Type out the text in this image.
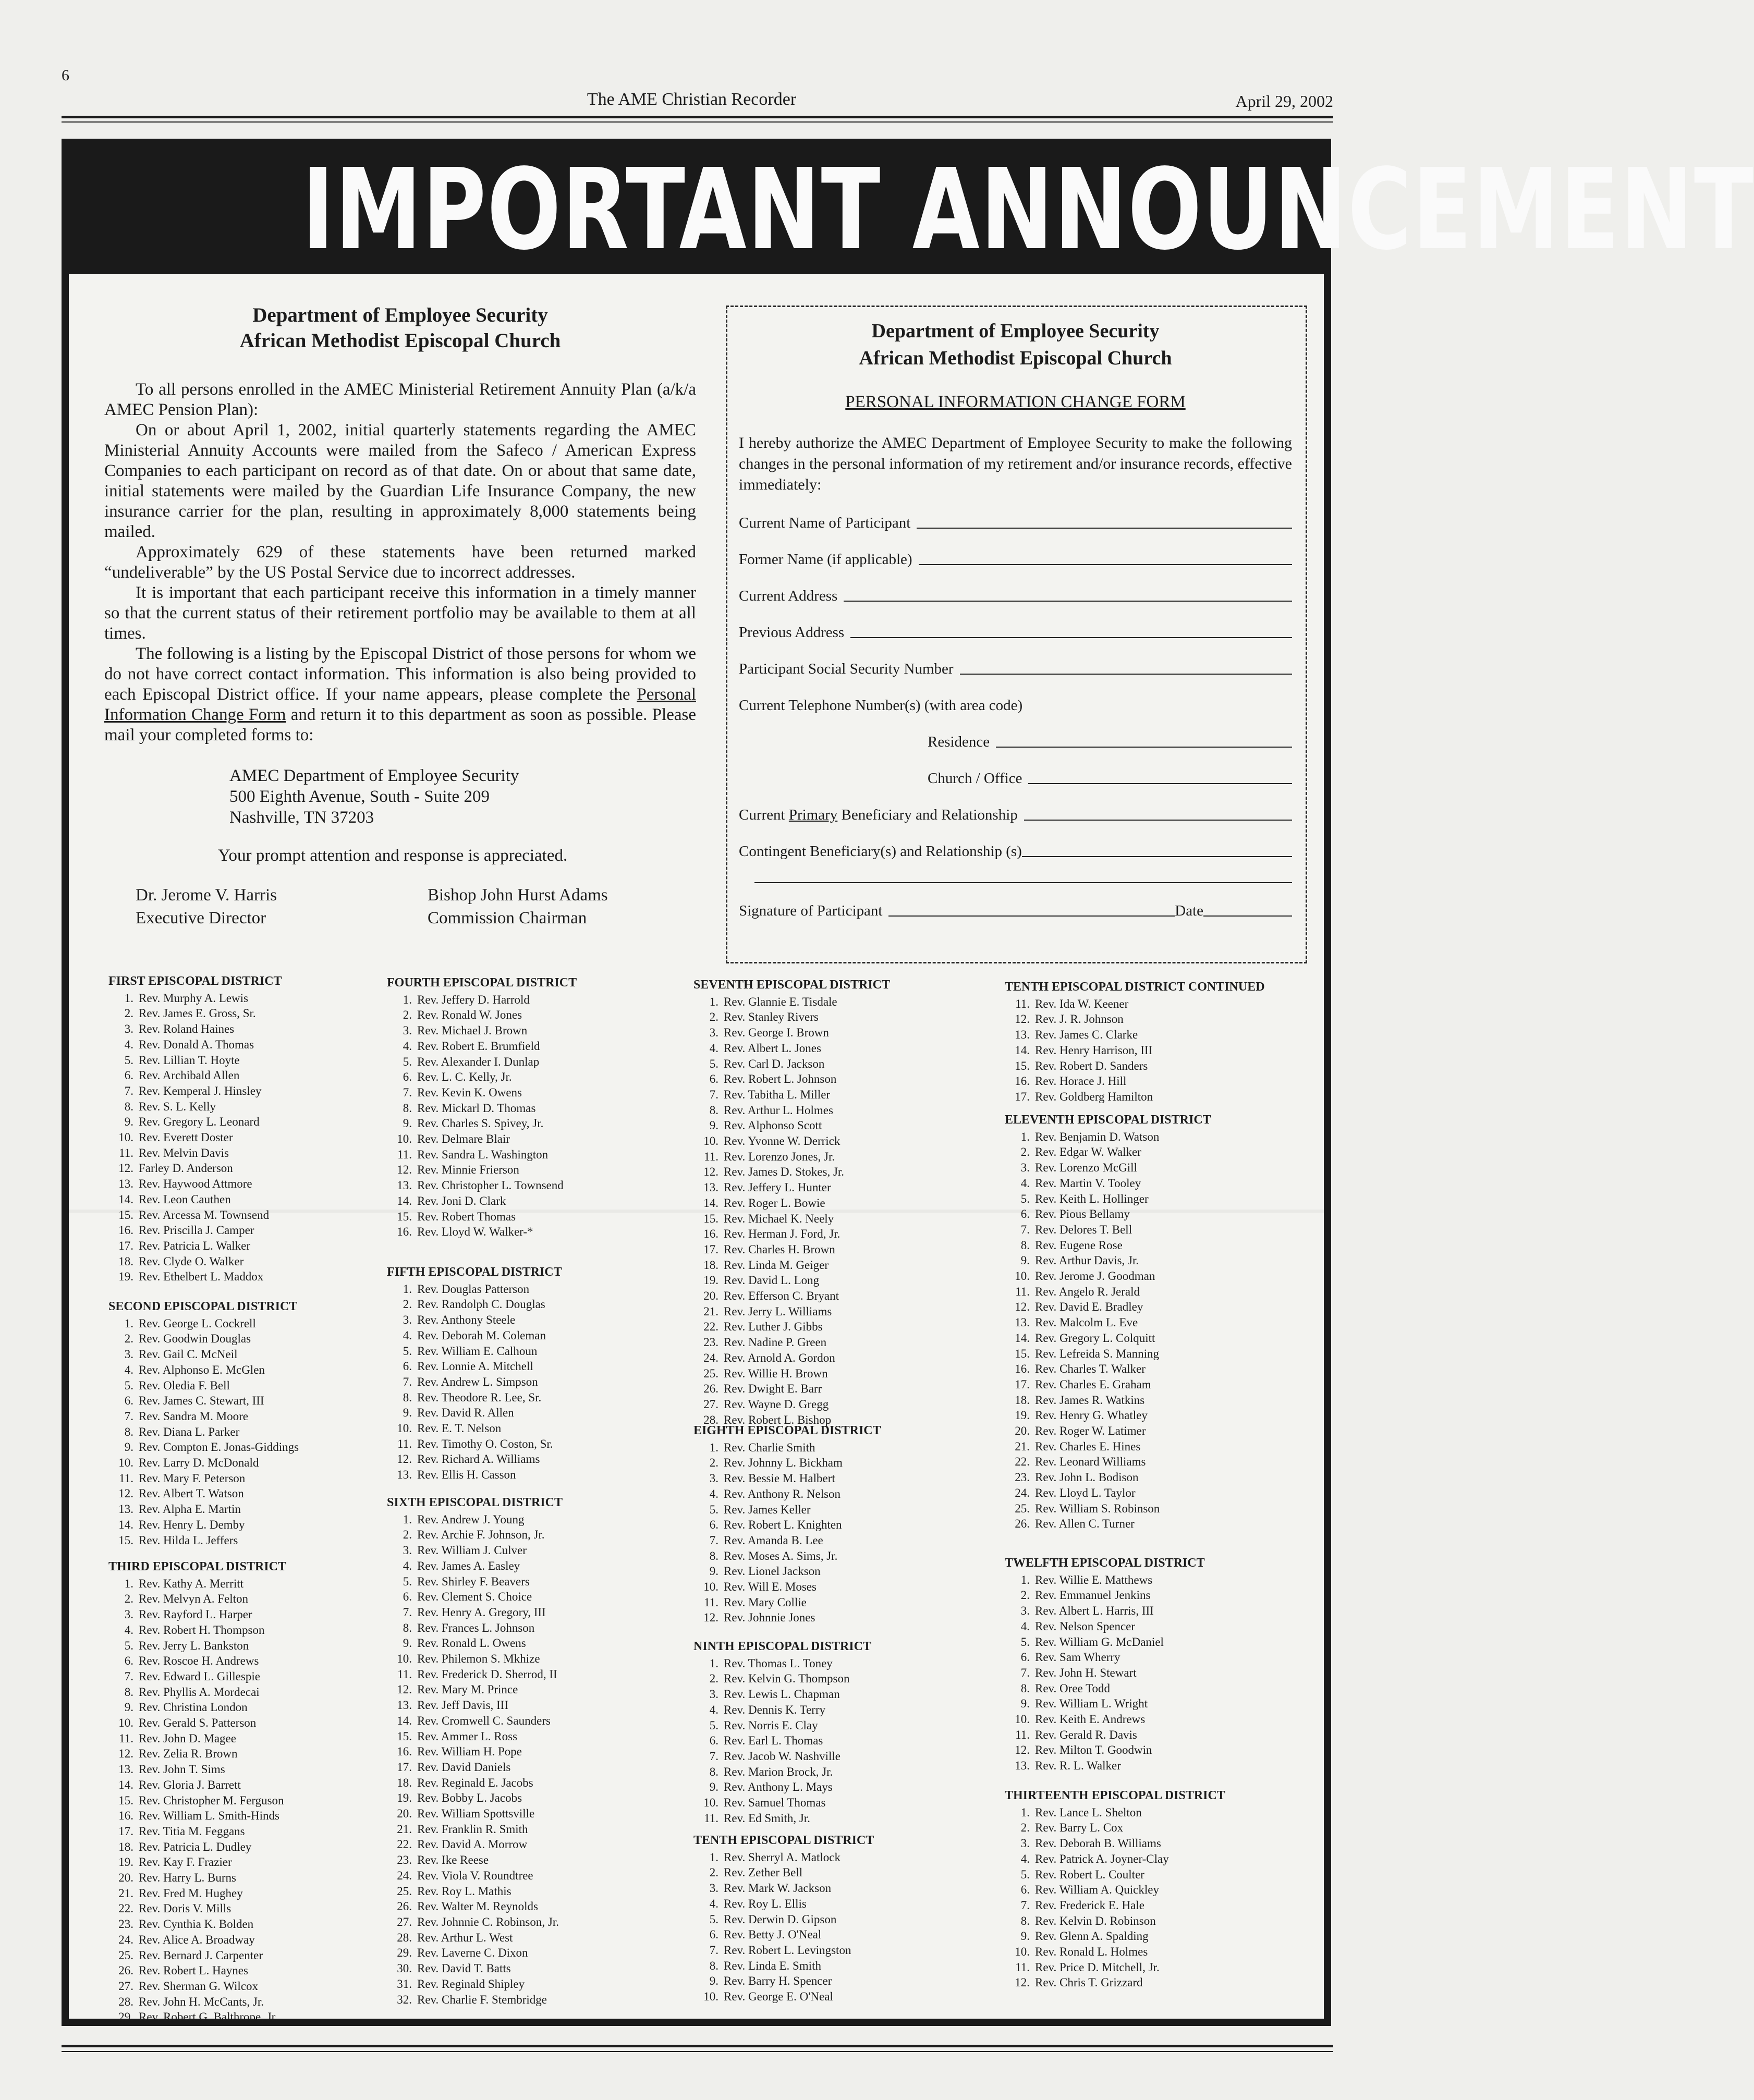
6
The AME Christian Recorder	April 29, 2002
IMPORTANT ANNOUNCEMENT
Department of Employee Security
African Methodist Episcopal Church

To all persons enrolled in the AMEC Ministerial Retirement Annuity Plan (a/k/a AMEC Pension Plan):

On or about April 1, 2002, initial quarterly statements regarding the AMEC Ministerial Annuity Accounts were mailed from the Safeco / American Express Companies to each participant on record as of that date. On or about that same date, initial statements were mailed by the Guardian Life Insurance Company, the new insurance carrier for the plan, resulting in approximately 8,000 statements being mailed.

Approximately 629 of these statements have been returned marked “undeliverable” by the US Postal Service due to incorrect addresses.

It is important that each participant receive this information in a timely manner so that the current status of their retirement portfolio may be available to them at all times.

The following is a listing by the Episcopal District of those persons for whom we do not have correct contact information. This information is also being provided to each Episcopal District office. If your name appears, please complete the Personal Information Change Form and return it to this department as soon as possible. Please mail your completed forms to:

AMEC Department of Employee Security
500 Eighth Avenue, South - Suite 209
Nashville, TN 37203
Your prompt attention and response is appreciated.
Dr. Jerome V. Harris
Executive Director
Bishop John Hurst Adams
Commission Chairman
Department of Employee Security
African Methodist Episcopal Church
PERSONAL INFORMATION CHANGE FORM
I hereby authorize the AMEC Department of Employee Security to make the following changes in the personal information of my retirement and/or insurance records, effective immediately:
Current Name of Participant
Former Name (if applicable)
Current Address
Previous Address
Participant Social Security Number
Current Telephone Number(s) (with area code)
Residence
Church / Office
Current Primary Beneficiary and Relationship
Contingent Beneficiary(s) and Relationship (s)
Signature of Participant	Date
FIRST EPISCOPAL DISTRICT
1. Rev. Murphy A. Lewis
2. Rev. James E. Gross, Sr.
3. Rev. Roland Haines
4. Rev. Donald A. Thomas
5. Rev. Lillian T. Hoyte
6. Rev. Archibald Allen
7. Rev. Kemperal J. Hinsley
8. Rev. S. L. Kelly
9. Rev. Gregory L. Leonard
10. Rev. Everett Doster
11. Rev. Melvin Davis
12. Farley D. Anderson
13. Rev. Haywood Attmore
14. Rev. Leon Cauthen
15. Rev. Arcessa M. Townsend
16. Rev. Priscilla J. Camper
17. Rev. Patricia L. Walker
18. Rev. Clyde O. Walker
19. Rev. Ethelbert L. Maddox
SECOND EPISCOPAL DISTRICT
1. Rev. George L. Cockrell
2. Rev. Goodwin Douglas
3. Rev. Gail C. McNeil
4. Rev. Alphonso E. McGlen
5. Rev. Oledia F. Bell
6. Rev. James C. Stewart, III
7. Rev. Sandra M. Moore
8. Rev. Diana L. Parker
9. Rev. Compton E. Jonas-Giddings
10. Rev. Larry D. McDonald
11. Rev. Mary F. Peterson
12. Rev. Albert T. Watson
13. Rev. Alpha E. Martin
14. Rev. Henry L. Demby
15. Rev. Hilda L. Jeffers
THIRD EPISCOPAL DISTRICT
1. Rev. Kathy A. Merritt
2. Rev. Melvyn A. Felton
3. Rev. Rayford L. Harper
4. Rev. Robert H. Thompson
5. Rev. Jerry L. Bankston
6. Rev. Roscoe H. Andrews
7. Rev. Edward L. Gillespie
8. Rev. Phyllis A. Mordecai
9. Rev. Christina London
10. Rev. Gerald S. Patterson
11. Rev. John D. Magee
12. Rev. Zelia R. Brown
13. Rev. John T. Sims
14. Rev. Gloria J. Barrett
15. Rev. Christopher M. Ferguson
16. Rev. William L. Smith-Hinds
17. Rev. Titia M. Feggans
18. Rev. Patricia L. Dudley
19. Rev. Kay F. Frazier
20. Rev. Harry L. Burns
21. Rev. Fred M. Hughey
22. Rev. Doris V. Mills
23. Rev. Cynthia K. Bolden
24. Rev. Alice A. Broadway
25. Rev. Bernard J. Carpenter
26. Rev. Robert L. Haynes
27. Rev. Sherman G. Wilcox
28. Rev. John H. McCants, Jr.
29. Rev. Robert G. Balthrope, Jr.
FOURTH EPISCOPAL DISTRICT
1. Rev. Jeffery D. Harrold
2. Rev. Ronald W. Jones
3. Rev. Michael J. Brown
4. Rev. Robert E. Brumfield
5. Rev. Alexander I. Dunlap
6. Rev. L. C. Kelly, Jr.
7. Rev. Kevin K. Owens
8. Rev. Mickarl D. Thomas
9. Rev. Charles S. Spivey, Jr.
10. Rev. Delmare Blair
11. Rev. Sandra L. Washington
12. Rev. Minnie Frierson
13. Rev. Christopher L. Townsend
14. Rev. Joni D. Clark
15. Rev. Robert Thomas
16. Rev. Lloyd W. Walker-*
FIFTH EPISCOPAL DISTRICT
1. Rev. Douglas Patterson
2. Rev. Randolph C. Douglas
3. Rev. Anthony Steele
4. Rev. Deborah M. Coleman
5. Rev. William E. Calhoun
6. Rev. Lonnie A. Mitchell
7. Rev. Andrew L. Simpson
8. Rev. Theodore R. Lee, Sr.
9. Rev. David R. Allen
10. Rev. E. T. Nelson
11. Rev. Timothy O. Coston, Sr.
12. Rev. Richard A. Williams
13. Rev. Ellis H. Casson
SIXTH EPISCOPAL DISTRICT
1. Rev. Andrew J. Young
2. Rev. Archie F. Johnson, Jr.
3. Rev. William J. Culver
4. Rev. James A. Easley
5. Rev. Shirley F. Beavers
6. Rev. Clement S. Choice
7. Rev. Henry A. Gregory, III
8. Rev. Frances L. Johnson
9. Rev. Ronald L. Owens
10. Rev. Philemon S. Mkhize
11. Rev. Frederick D. Sherrod, II
12. Rev. Mary M. Prince
13. Rev. Jeff Davis, III
14. Rev. Cromwell C. Saunders
15. Rev. Ammer L. Ross
16. Rev. William H. Pope
17. Rev. David Daniels
18. Rev. Reginald E. Jacobs
19. Rev. Bobby L. Jacobs
20. Rev. William Spottsville
21. Rev. Franklin R. Smith
22. Rev. David A. Morrow
23. Rev. Ike Reese
24. Rev. Viola V. Roundtree
25. Rev. Roy L. Mathis
26. Rev. Walter M. Reynolds
27. Rev. Johnnie C. Robinson, Jr.
28. Rev. Arthur L. West
29. Rev. Laverne C. Dixon
30. Rev. David T. Batts
31. Rev. Reginald Shipley
32. Rev. Charlie F. Stembridge
SEVENTH EPISCOPAL DISTRICT
1. Rev. Glannie E. Tisdale
2. Rev. Stanley Rivers
3. Rev. George I. Brown
4. Rev. Albert L. Jones
5. Rev. Carl D. Jackson
6. Rev. Robert L. Johnson
7. Rev. Tabitha L. Miller
8. Rev. Arthur L. Holmes
9. Rev. Alphonso Scott
10. Rev. Yvonne W. Derrick
11. Rev. Lorenzo Jones, Jr.
12. Rev. James D. Stokes, Jr.
13. Rev. Jeffery L. Hunter
14. Rev. Roger L. Bowie
15. Rev. Michael K. Neely
16. Rev. Herman J. Ford, Jr.
17. Rev. Charles H. Brown
18. Rev. Linda M. Geiger
19. Rev. David L. Long
20. Rev. Efferson C. Bryant
21. Rev. Jerry L. Williams
22. Rev. Luther J. Gibbs
23. Rev. Nadine P. Green
24. Rev. Arnold A. Gordon
25. Rev. Willie H. Brown
26. Rev. Dwight E. Barr
27. Rev. Wayne D. Gregg
28. Rev. Robert L. Bishop
EIGHTH EPISCOPAL DISTRICT
1. Rev. Charlie Smith
2. Rev. Johnny L. Bickham
3. Rev. Bessie M. Halbert
4. Rev. Anthony R. Nelson
5. Rev. James Keller
6. Rev. Robert L. Knighten
7. Rev. Amanda B. Lee
8. Rev. Moses A. Sims, Jr.
9. Rev. Lionel Jackson
10. Rev. Will E. Moses
11. Rev. Mary Collie
12. Rev. Johnnie Jones
NINTH EPISCOPAL DISTRICT
1. Rev. Thomas L. Toney
2. Rev. Kelvin G. Thompson
3. Rev. Lewis L. Chapman
4. Rev. Dennis K. Terry
5. Rev. Norris E. Clay
6. Rev. Earl L. Thomas
7. Rev. Jacob W. Nashville
8. Rev. Marion Brock, Jr.
9. Rev. Anthony L. Mays
10. Rev. Samuel Thomas
11. Rev. Ed Smith, Jr.
TENTH EPISCOPAL DISTRICT
1. Rev. Sherryl A. Matlock
2. Rev. Zether Bell
3. Rev. Mark W. Jackson
4. Rev. Roy L. Ellis
5. Rev. Derwin D. Gipson
6. Rev. Betty J. O'Neal
7. Rev. Robert L. Levingston
8. Rev. Linda E. Smith
9. Rev. Barry H. Spencer
10. Rev. George E. O'Neal
TENTH EPISCOPAL DISTRICT CONTINUED
11. Rev. Ida W. Keener
12. Rev. J. R. Johnson
13. Rev. James C. Clarke
14. Rev. Henry Harrison, III
15. Rev. Robert D. Sanders
16. Rev. Horace J. Hill
17. Rev. Goldberg Hamilton
ELEVENTH EPISCOPAL DISTRICT
1. Rev. Benjamin D. Watson
2. Rev. Edgar W. Walker
3. Rev. Lorenzo McGill
4. Rev. Martin V. Tooley
5. Rev. Keith L. Hollinger
6. Rev. Pious Bellamy
7. Rev. Delores T. Bell
8. Rev. Eugene Rose
9. Rev. Arthur Davis, Jr.
10. Rev. Jerome J. Goodman
11. Rev. Angelo R. Jerald
12. Rev. David E. Bradley
13. Rev. Malcolm L. Eve
14. Rev. Gregory L. Colquitt
15. Rev. Lefreida S. Manning
16. Rev. Charles T. Walker
17. Rev. Charles E. Graham
18. Rev. James R. Watkins
19. Rev. Henry G. Whatley
20. Rev. Roger W. Latimer
21. Rev. Charles E. Hines
22. Rev. Leonard Williams
23. Rev. John L. Bodison
24. Rev. Lloyd L. Taylor
25. Rev. William S. Robinson
26. Rev. Allen C. Turner
TWELFTH EPISCOPAL DISTRICT
1. Rev. Willie E. Matthews
2. Rev. Emmanuel Jenkins
3. Rev. Albert L. Harris, III
4. Rev. Nelson Spencer
5. Rev. William G. McDaniel
6. Rev. Sam Wherry
7. Rev. John H. Stewart
8. Rev. Oree Todd
9. Rev. William L. Wright
10. Rev. Keith E. Andrews
11. Rev. Gerald R. Davis
12. Rev. Milton T. Goodwin
13. Rev. R. L. Walker
THIRTEENTH EPISCOPAL DISTRICT
1. Rev. Lance L. Shelton
2. Rev. Barry L. Cox
3. Rev. Deborah B. Williams
4. Rev. Patrick A. Joyner-Clay
5. Rev. Robert L. Coulter
6. Rev. William A. Quickley
7. Rev. Frederick E. Hale
8. Rev. Kelvin D. Robinson
9. Rev. Glenn A. Spalding
10. Rev. Ronald L. Holmes
11. Rev. Price D. Mitchell, Jr.
12. Rev. Chris T. Grizzard
